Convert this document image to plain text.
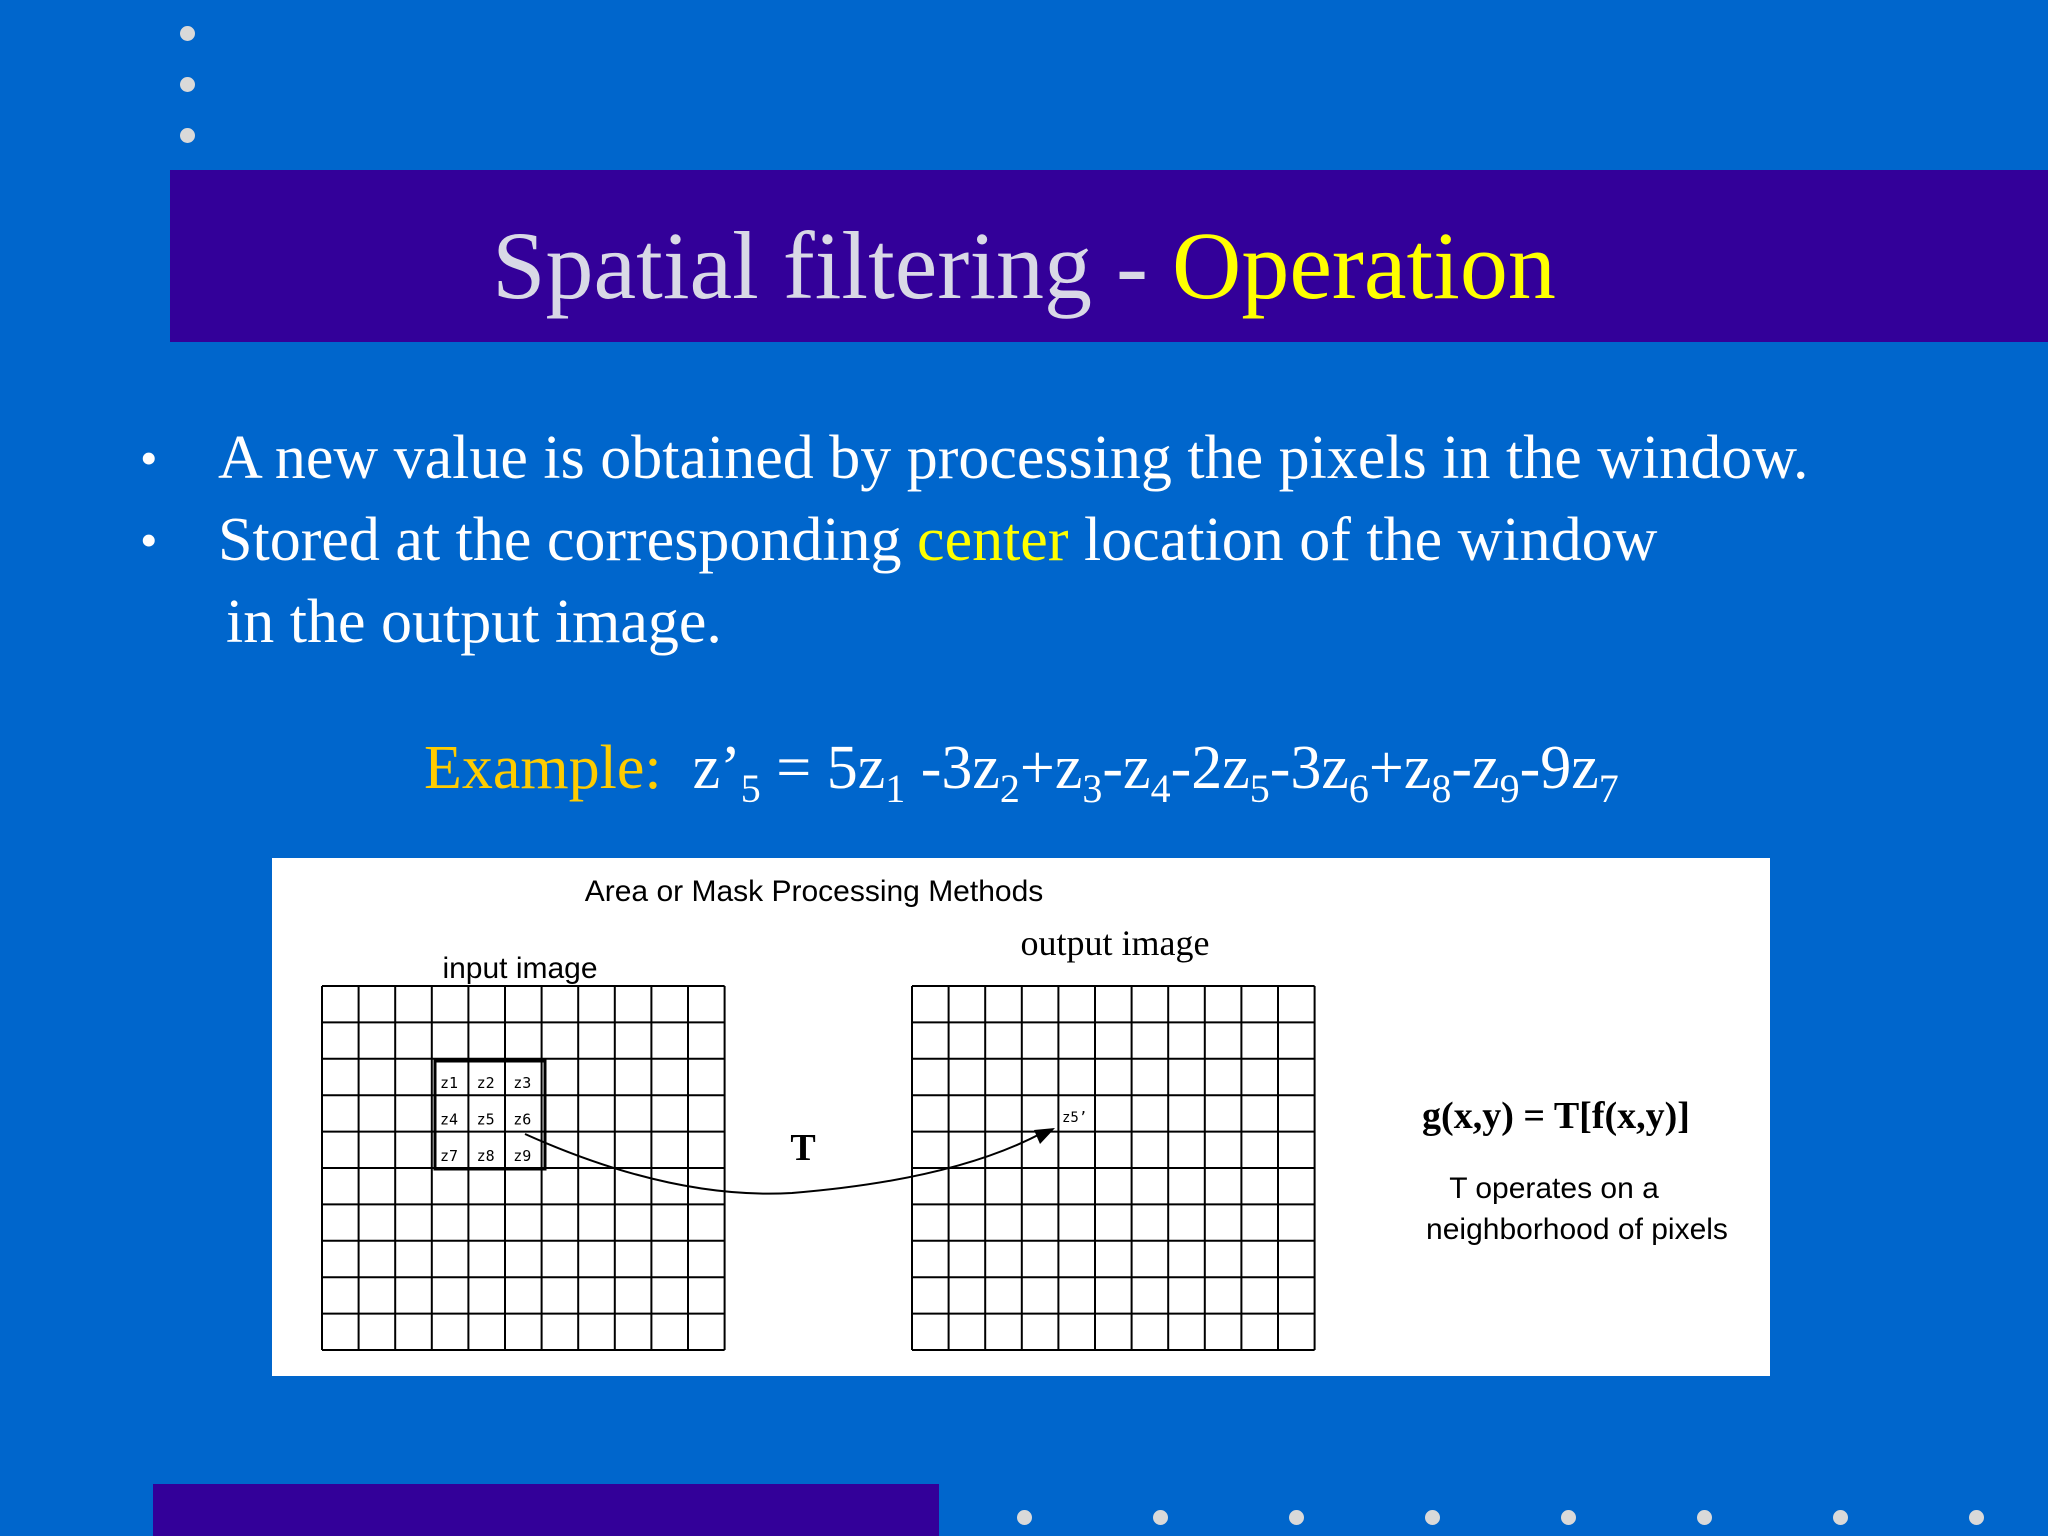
Spatial filtering - Operation
• A new value is obtained by processing the pixels in the window.
• Stored at the corresponding center location of the window
in the output image.
Example: $z’_5 = 5z_1$ $-3z_2+z_3-z_4-2z_5-3z_6+z_8-z_9-9z_7$
Area or Mask Processing Methods
input image
output image
z1 z2 z3
z4 z5 z6
z7 z8 z9
z5’
T
g(x,y) = T[f(x,y)]
T operates on a
neighborhood of pixels
